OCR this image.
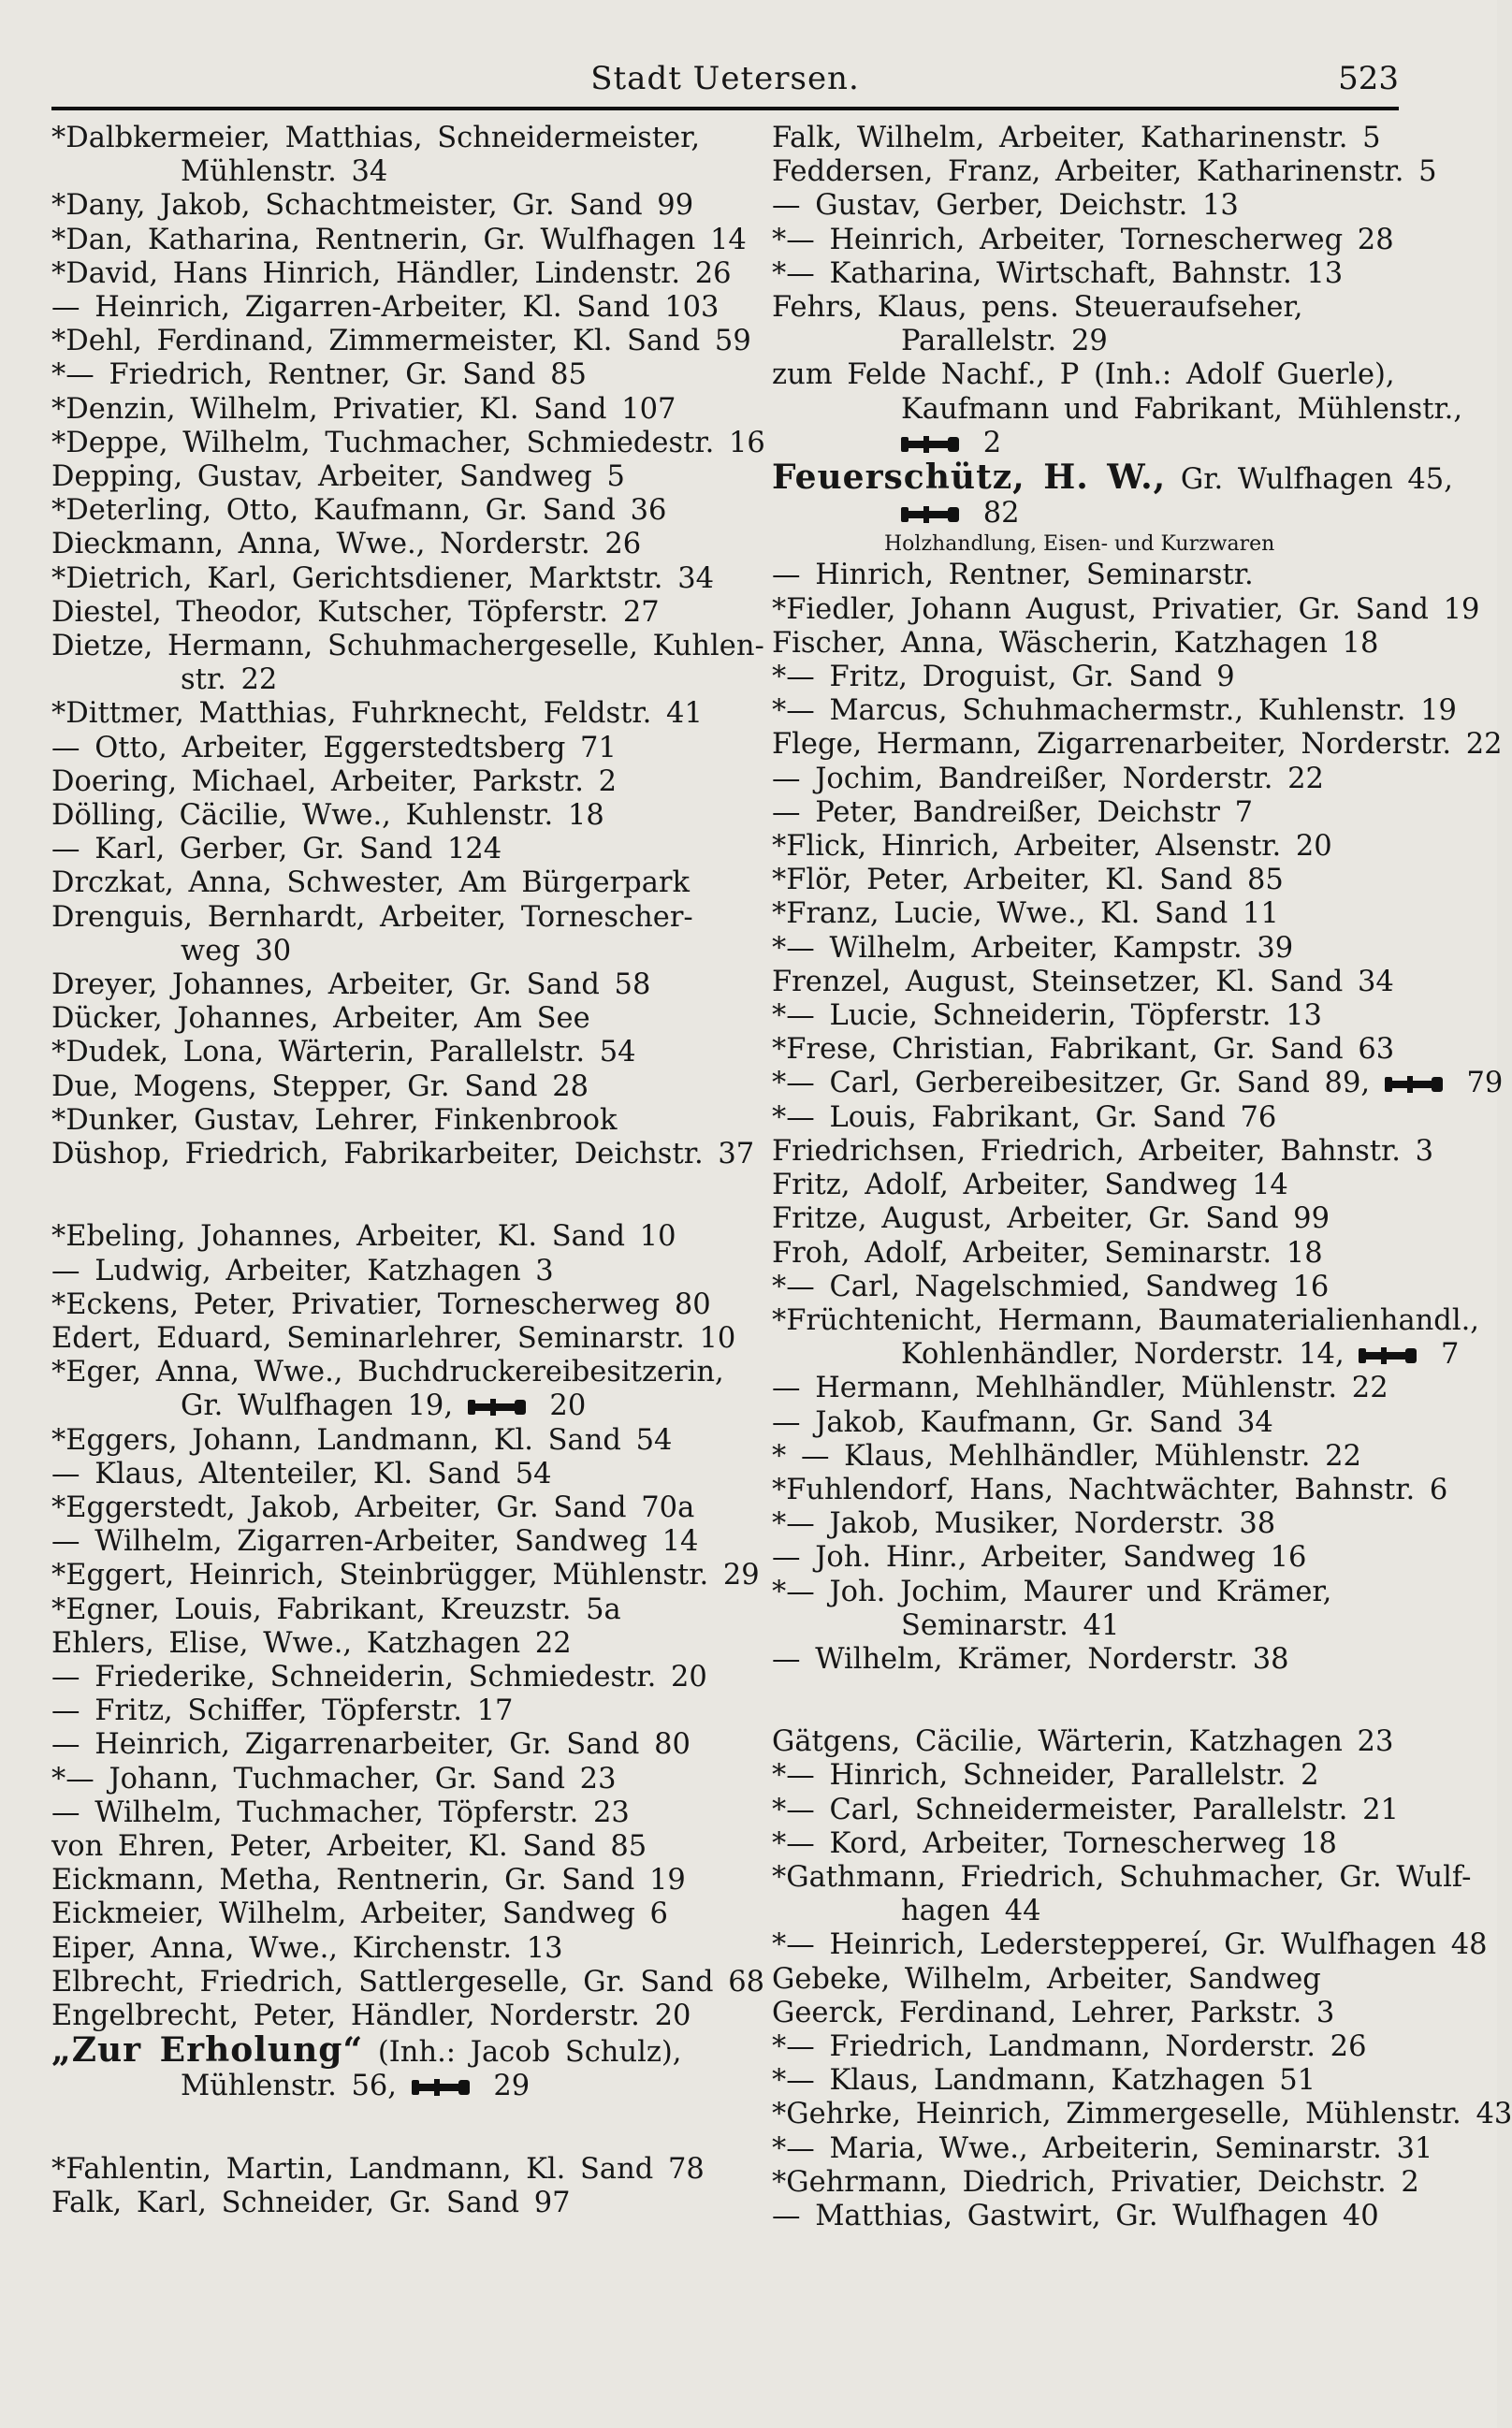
Stadt Uetersen.	523
*Dalbkermeier, Matthias, Schneidermeister,
Mühlenstr. 34
*Dany, Jakob, Schachtmeister, Gr. Sand 99
*Dan, Katharina, Rentnerin, Gr. Wulfhagen 14
*David, Hans Hinrich, Händler, Lindenstr. 26
— Heinrich, Zigarren-Arbeiter, Kl. Sand 103
*Dehl, Ferdinand, Zimmermeister, Kl. Sand 59
*— Friedrich, Rentner, Gr. Sand 85
*Denzin, Wilhelm, Privatier, Kl. Sand 107
*Deppe, Wilhelm, Tuchmacher, Schmiedestr. 16
Depping, Gustav, Arbeiter, Sandweg 5
*Deterling, Otto, Kaufmann, Gr. Sand 36
Dieckmann, Anna, Wwe., Norderstr. 26
*Dietrich, Karl, Gerichtsdiener, Marktstr. 34
Diestel, Theodor, Kutscher, Töpferstr. 27
Dietze, Hermann, Schuhmachergeselle, Kuhlen-
str. 22
*Dittmer, Matthias, Fuhrknecht, Feldstr. 41
— Otto, Arbeiter, Eggerstedtsberg 71
Doering, Michael, Arbeiter, Parkstr. 2
Dölling, Cäcilie, Wwe., Kuhlenstr. 18
— Karl, Gerber, Gr. Sand 124
Drczkat, Anna, Schwester, Am Bürgerpark
Drenguis, Bernhardt, Arbeiter, Tornescher-
weg 30
Dreyer, Johannes, Arbeiter, Gr. Sand 58
Dücker, Johannes, Arbeiter, Am See
*Dudek, Lona, Wärterin, Parallelstr. 54
Due, Mogens, Stepper, Gr. Sand 28
*Dunker, Gustav, Lehrer, Finkenbrook
Düshop, Friedrich, Fabrikarbeiter, Deichstr. 37
*Ebeling, Johannes, Arbeiter, Kl. Sand 10
— Ludwig, Arbeiter, Katzhagen 3
*Eckens, Peter, Privatier, Tornescherweg 80
Edert, Eduard, Seminarlehrer, Seminarstr. 10
*Eger, Anna, Wwe., Buchdruckereibesitzerin,
Gr. Wulfhagen 19,  20
*Eggers, Johann, Landmann, Kl. Sand 54
— Klaus, Altenteiler, Kl. Sand 54
*Eggerstedt, Jakob, Arbeiter, Gr. Sand 70a
— Wilhelm, Zigarren-Arbeiter, Sandweg 14
*Eggert, Heinrich, Steinbrügger, Mühlenstr. 29
*Egner, Louis, Fabrikant, Kreuzstr. 5a
Ehlers, Elise, Wwe., Katzhagen 22
— Friederike, Schneiderin, Schmiedestr. 20
— Fritz, Schiffer, Töpferstr. 17
— Heinrich, Zigarrenarbeiter, Gr. Sand 80
*— Johann, Tuchmacher, Gr. Sand 23
— Wilhelm, Tuchmacher, Töpferstr. 23
von Ehren, Peter, Arbeiter, Kl. Sand 85
Eickmann, Metha, Rentnerin, Gr. Sand 19
Eickmeier, Wilhelm, Arbeiter, Sandweg 6
Eiper, Anna, Wwe., Kirchenstr. 13
Elbrecht, Friedrich, Sattlergeselle, Gr. Sand 68
Engelbrecht, Peter, Händler, Norderstr. 20
„Zur Erholung“ (Inh.: Jacob Schulz),
Mühlenstr. 56,  29
*Fahlentin, Martin, Landmann, Kl. Sand 78
Falk, Karl, Schneider, Gr. Sand 97
Falk, Wilhelm, Arbeiter, Katharinenstr. 5
Feddersen, Franz, Arbeiter, Katharinenstr. 5
— Gustav, Gerber, Deichstr. 13
*— Heinrich, Arbeiter, Tornescherweg 28
*— Katharina, Wirtschaft, Bahnstr. 13
Fehrs, Klaus, pens. Steueraufseher,
Parallelstr. 29
zum Felde Nachf., P (Inh.: Adolf Guerle),
Kaufmann und Fabrikant, Mühlenstr.,
2
Feuerschütz, H. W., Gr. Wulfhagen 45,
82
Holzhandlung, Eisen- und Kurzwaren
— Hinrich, Rentner, Seminarstr.
*Fiedler, Johann August, Privatier, Gr. Sand 19
Fischer, Anna, Wäscherin, Katzhagen 18
*— Fritz, Droguist, Gr. Sand 9
*— Marcus, Schuhmachermstr., Kuhlenstr. 19
Flege, Hermann, Zigarrenarbeiter, Norderstr. 22
— Jochim, Bandreißer, Norderstr. 22
— Peter, Bandreißer, Deichstr 7
*Flick, Hinrich, Arbeiter, Alsenstr. 20
*Flör, Peter, Arbeiter, Kl. Sand 85
*Franz, Lucie, Wwe., Kl. Sand 11
*— Wilhelm, Arbeiter, Kampstr. 39
Frenzel, August, Steinsetzer, Kl. Sand 34
*— Lucie, Schneiderin, Töpferstr. 13
*Frese, Christian, Fabrikant, Gr. Sand 63
*— Carl, Gerbereibesitzer, Gr. Sand 89,  79
*— Louis, Fabrikant, Gr. Sand 76
Friedrichsen, Friedrich, Arbeiter, Bahnstr. 3
Fritz, Adolf, Arbeiter, Sandweg 14
Fritze, August, Arbeiter, Gr. Sand 99
Froh, Adolf, Arbeiter, Seminarstr. 18
*— Carl, Nagelschmied, Sandweg 16
*Früchtenicht, Hermann, Baumaterialienhandl.,
Kohlenhändler, Norderstr. 14,  7
— Hermann, Mehlhändler, Mühlenstr. 22
— Jakob, Kaufmann, Gr. Sand 34
* — Klaus, Mehlhändler, Mühlenstr. 22
*Fuhlendorf, Hans, Nachtwächter, Bahnstr. 6
*— Jakob, Musiker, Norderstr. 38
— Joh. Hinr., Arbeiter, Sandweg 16
*— Joh. Jochim, Maurer und Krämer,
Seminarstr. 41
— Wilhelm, Krämer, Norderstr. 38
Gätgens, Cäcilie, Wärterin, Katzhagen 23
*— Hinrich, Schneider, Parallelstr. 2
*— Carl, Schneidermeister, Parallelstr. 21
*— Kord, Arbeiter, Tornescherweg 18
*Gathmann, Friedrich, Schuhmacher, Gr. Wulf-
hagen 44
*— Heinrich, Ledersteppereí, Gr. Wulfhagen 48
Gebeke, Wilhelm, Arbeiter, Sandweg
Geerck, Ferdinand, Lehrer, Parkstr. 3
*— Friedrich, Landmann, Norderstr. 26
*— Klaus, Landmann, Katzhagen 51
*Gehrke, Heinrich, Zimmergeselle, Mühlenstr. 43
*— Maria, Wwe., Arbeiterin, Seminarstr. 31
*Gehrmann, Diedrich, Privatier, Deichstr. 2
— Matthias, Gastwirt, Gr. Wulfhagen 40
